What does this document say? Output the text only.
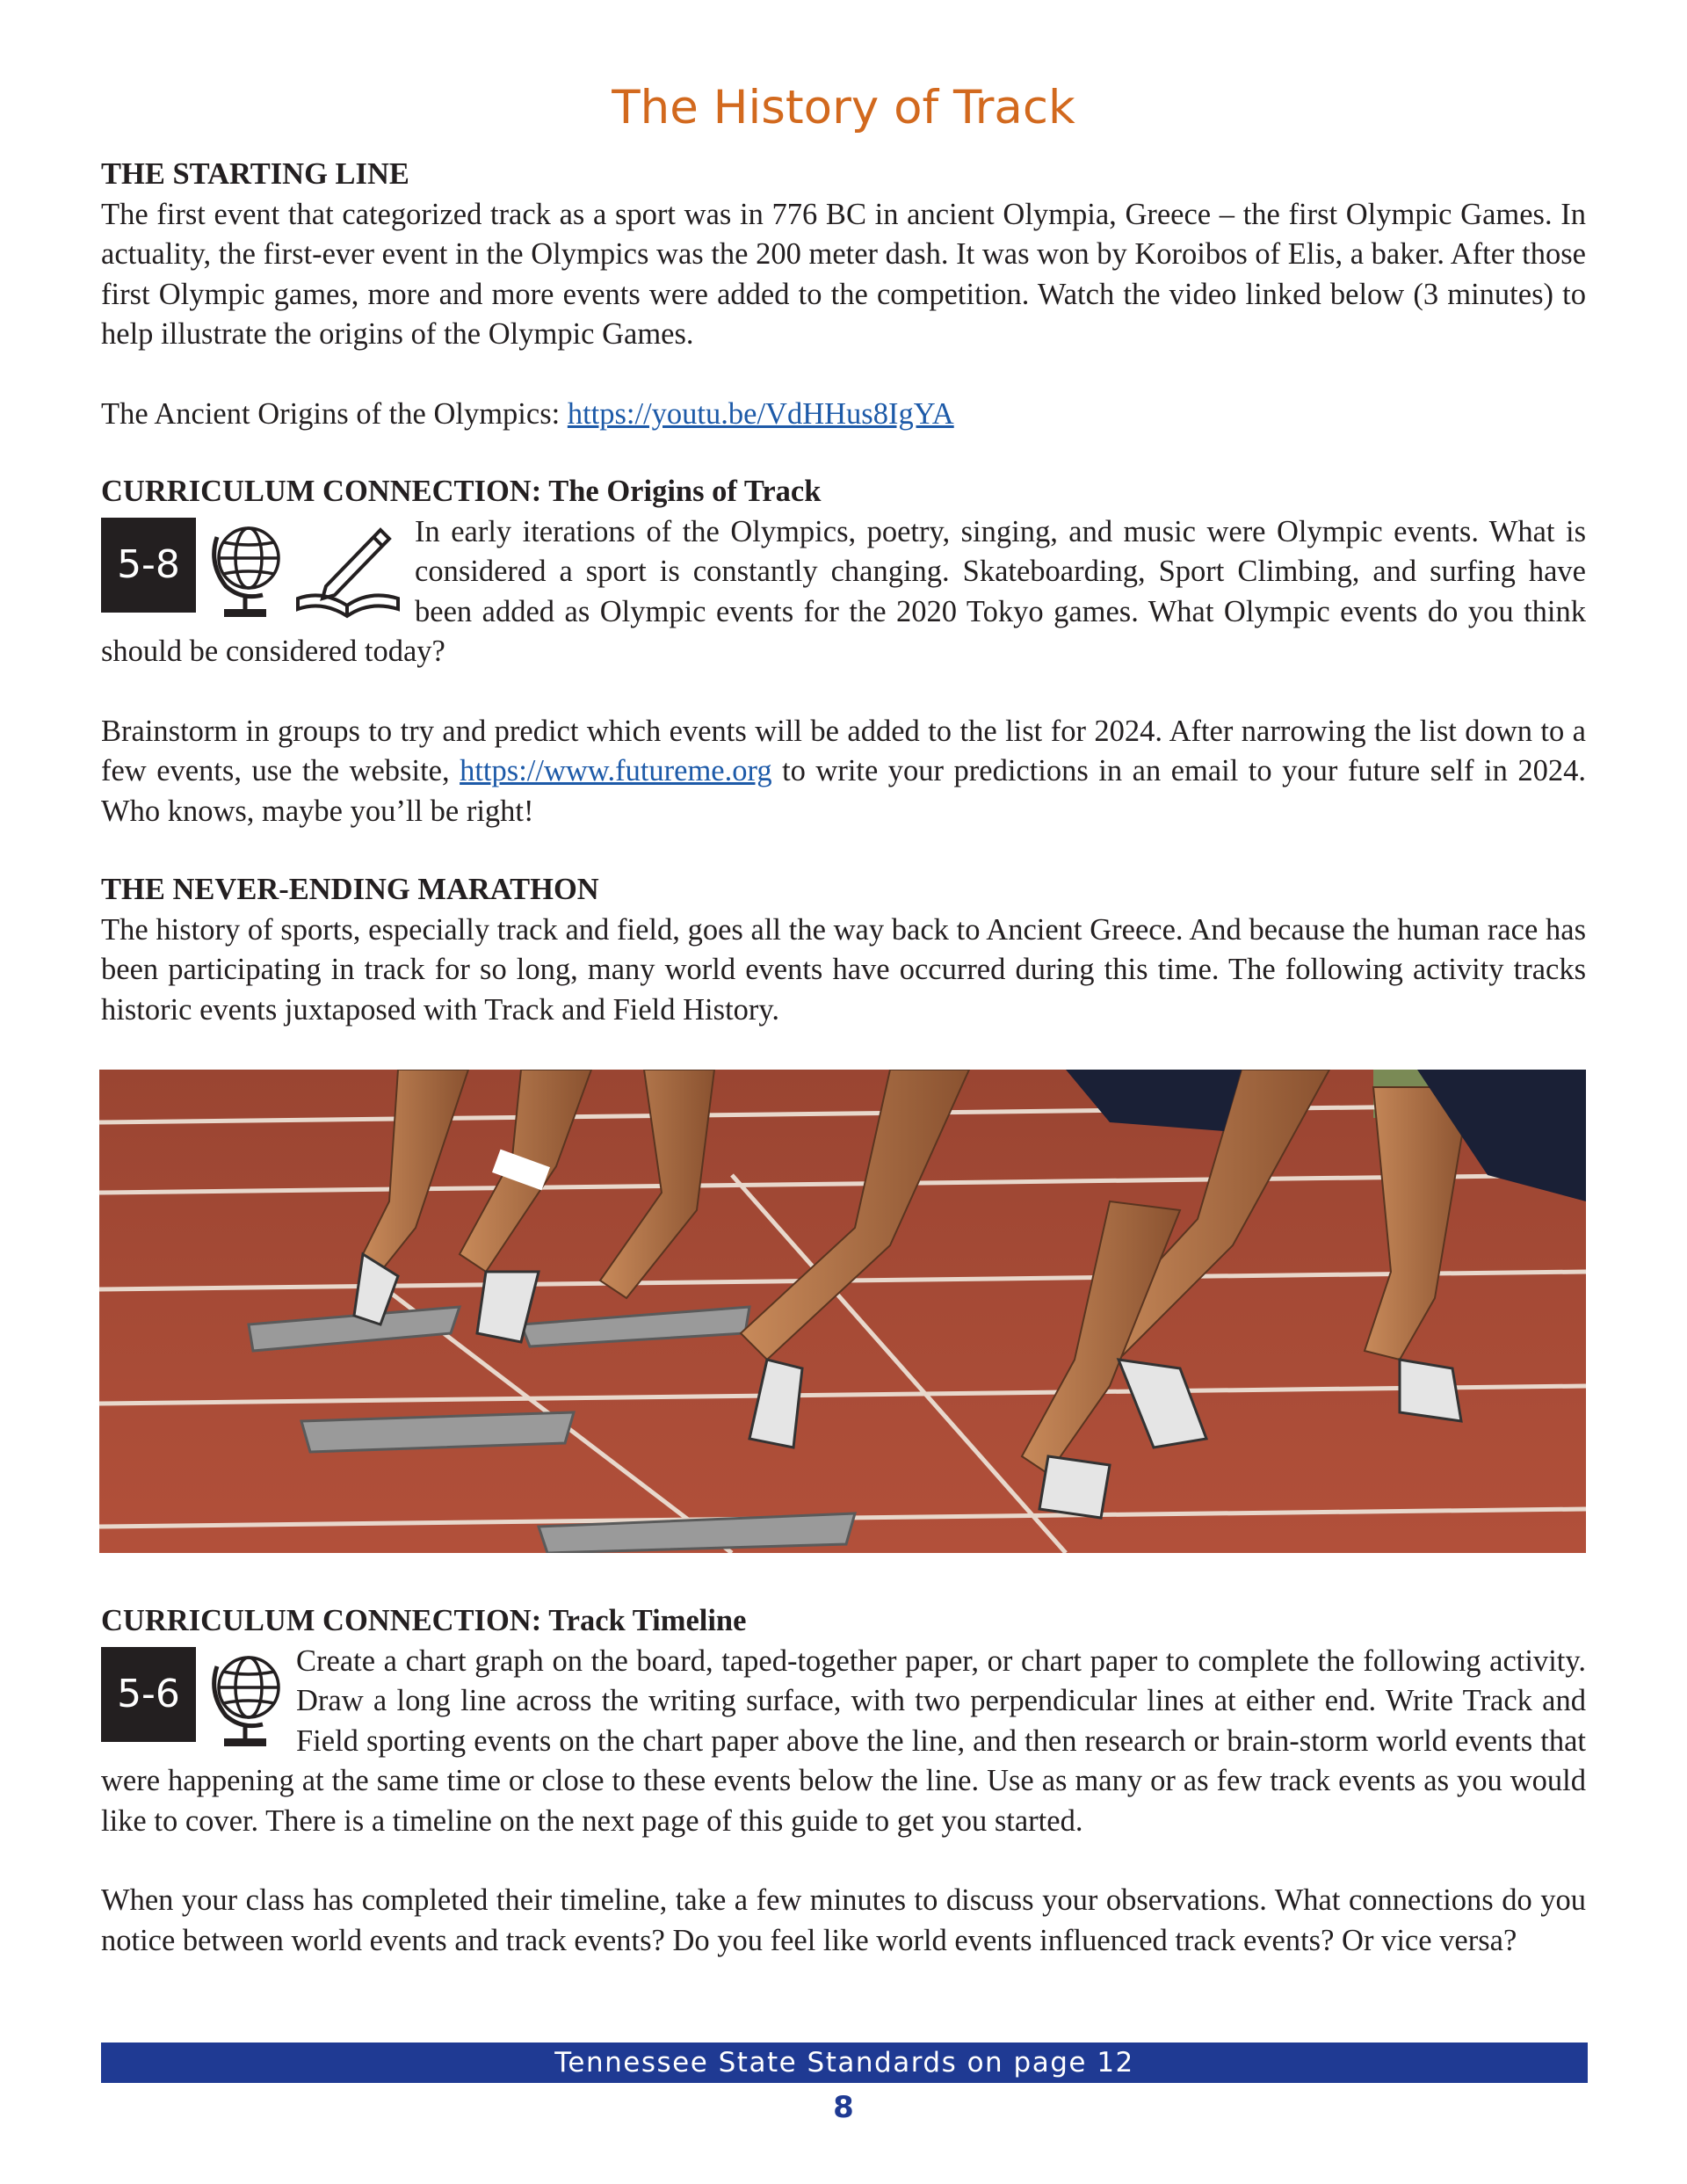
The History of Track
THE STARTING LINE

The first event that categorized track as a sport was in 776 BC in ancient Olympia, Greece – the first Olympic Games. In actuality, the first-ever event in the Olympics was the 200 meter dash. It was won by Koroibos of Elis, a baker. After those first Olympic games, more and more events were added to the competition. Watch the video linked below (3 minutes) to help illustrate the origins of the Olympic Games.

The Ancient Origins of the Olympics: https://youtu.be/VdHHus8IgYA

CURRICULUM CONNECTION: The Origins of Track
5-8

In early iterations of the Olympics, poetry, singing, and music were Olympic events. What is considered a sport is constantly changing. Skateboarding, Sport Climbing, and surfing have been added as Olympic events for the 2020 Tokyo games. What Olympic events do you think should be considered today?

Brainstorm in groups to try and predict which events will be added to the list for 2024. After narrowing the list down to a few events, use the website, https://www.futureme.org to write your predictions in an email to your future self in 2024. Who knows, maybe you’ll be right!

THE NEVER-ENDING MARATHON

The history of sports, especially track and field, goes all the way back to Ancient Greece. And because the human race has been participating in track for so long, many world events have occurred during this time. The following activity tracks historic events juxtaposed with Track and Field History.

CURRICULUM CONNECTION: Track Timeline
5-6

Create a chart graph on the board, taped-together paper, or chart paper to complete the following activity. Draw a long line across the writing surface, with two perpendicular lines at either end. Write Track and Field sporting events on the chart paper above the line, and then research or brain-storm world events that were happening at the same time or close to these events below the line. Use as many or as few track events as you would like to cover. There is a timeline on the next page of this guide to get you started.

When your class has completed their timeline, take a few minutes to discuss your observations. What connections do you notice between world events and track events? Do you feel like world events influenced track events? Or vice versa?

Tennessee State Standards on page 12
8
